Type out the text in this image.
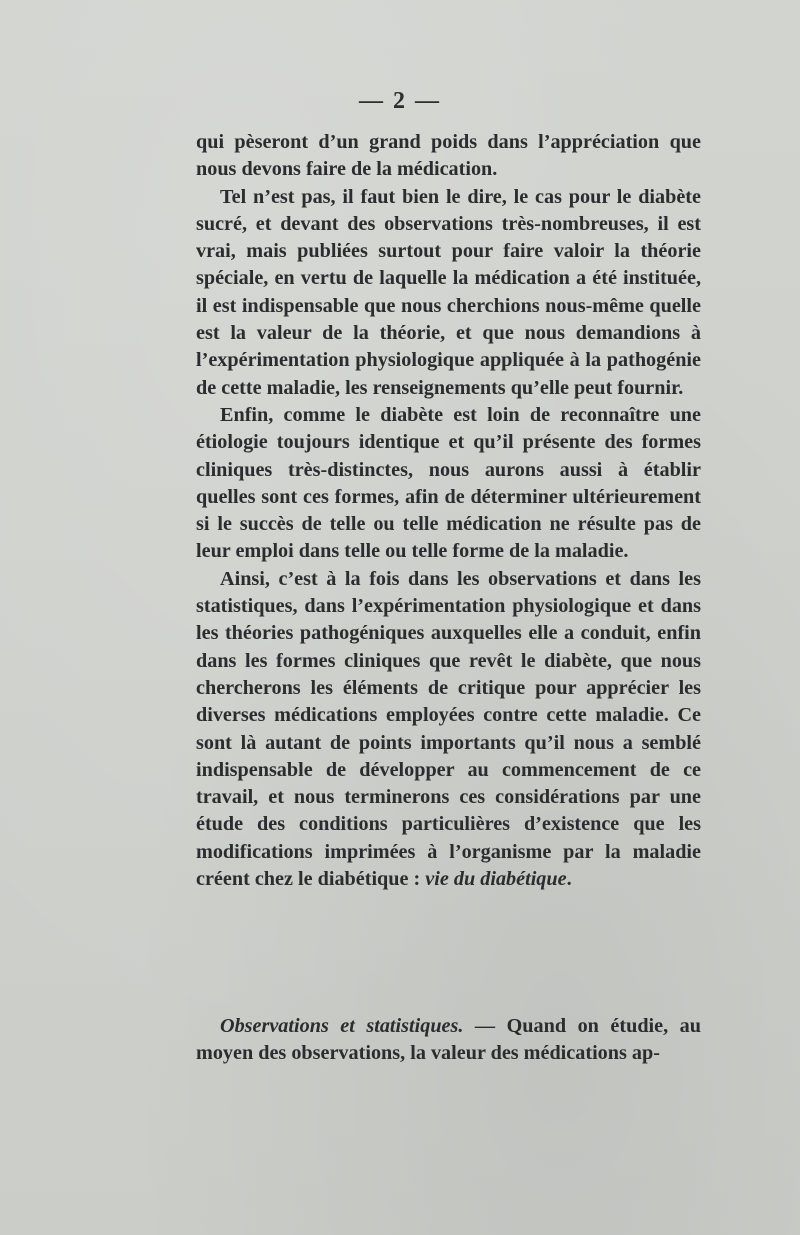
— 2 —

qui pèseront d’un grand poids dans l’appréciation que nous devons faire de la médication.

Tel n’est pas, il faut bien le dire, le cas pour le diabète sucré, et devant des observations très-nombreuses, il est vrai, mais publiées surtout pour faire valoir la théorie spéciale, en vertu de laquelle la médication a été instituée, il est indispensable que nous cherchions nous-même quelle est la valeur de la théorie, et que nous demandions à l’expérimentation physiologique appliquée à la pathogénie de cette maladie, les renseignements qu’elle peut fournir.

Enfin, comme le diabète est loin de reconnaître une étiologie toujours identique et qu’il présente des formes cliniques très-distinctes, nous aurons aussi à établir quelles sont ces formes, afin de déterminer ultérieurement si le succès de telle ou telle médication ne résulte pas de leur emploi dans telle ou telle forme de la maladie.

Ainsi, c’est à la fois dans les observations et dans les statistiques, dans l’expérimentation physiologique et dans les théories pathogéniques auxquelles elle a conduit, enfin dans les formes cliniques que revêt le diabète, que nous chercherons les éléments de critique pour apprécier les diverses médications employées contre cette maladie. Ce sont là autant de points importants qu’il nous a semblé indispensable de développer au commencement de ce travail, et nous terminerons ces considérations par une étude des conditions particulières d’existence que les modifications imprimées à l’organisme par la maladie créent chez le diabétique : vie du diabétique.

Observations et statistiques. — Quand on étudie, au moyen des observations, la valeur des médications ap-
